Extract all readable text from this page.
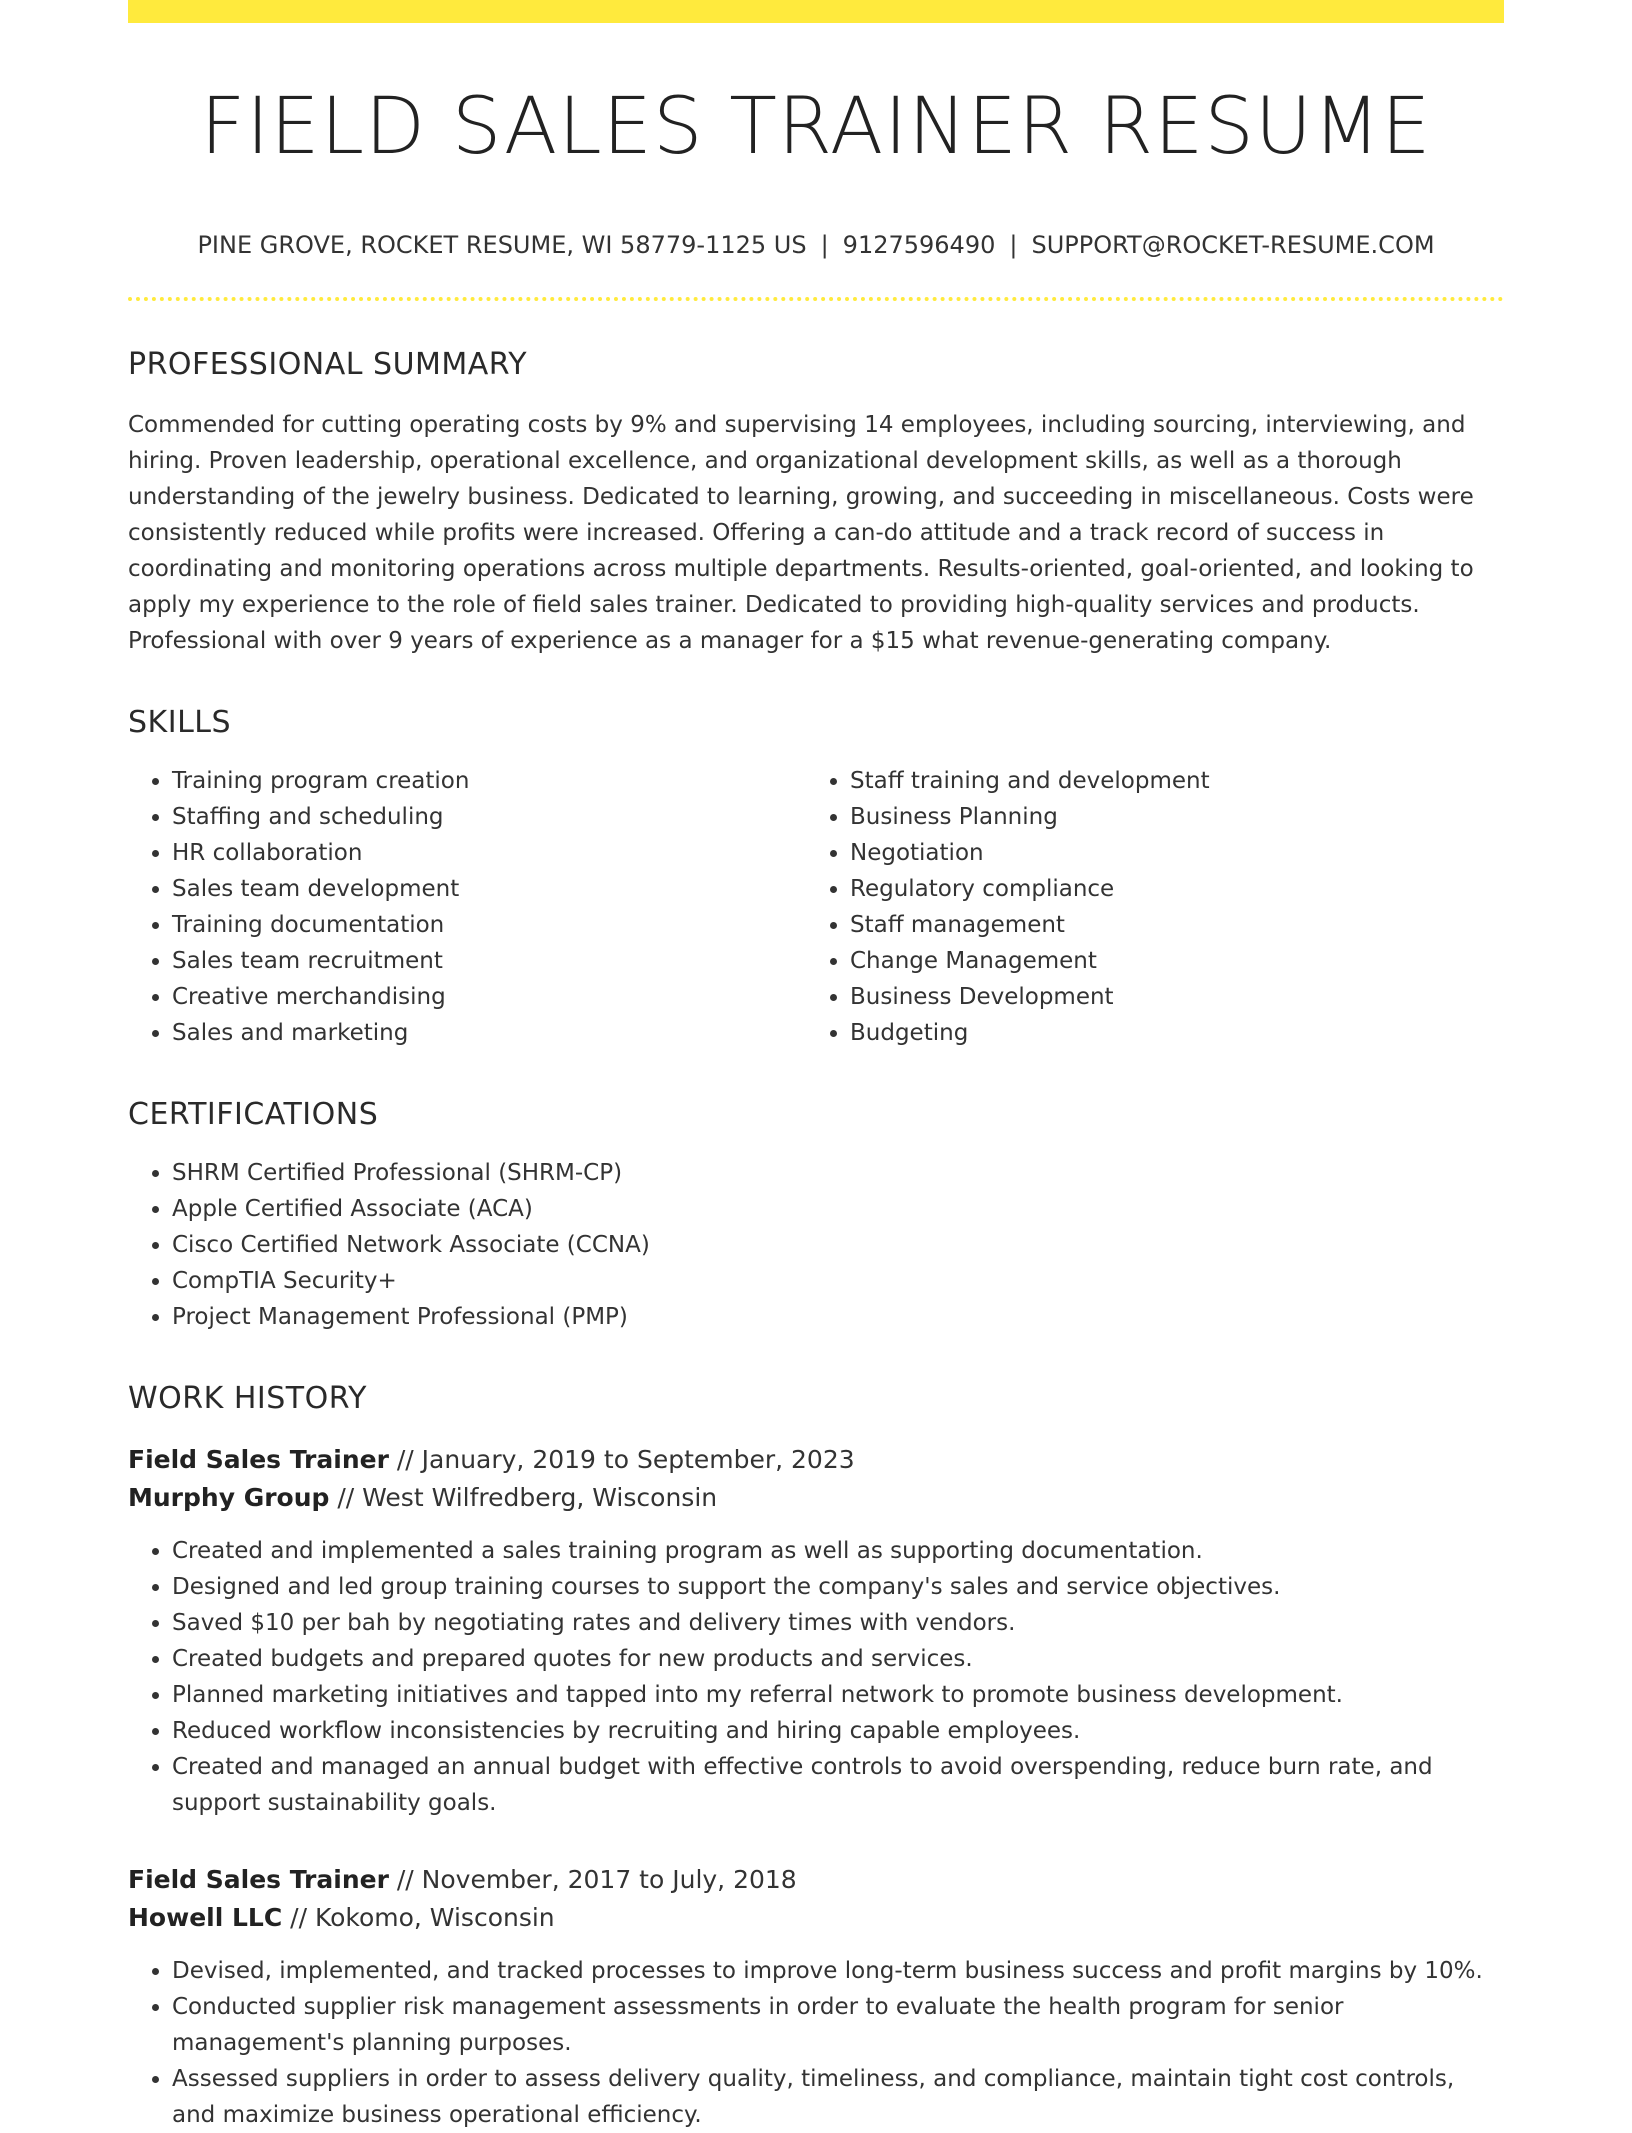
FIELD SALES TRAINER RESUME
PINE GROVE, ROCKET RESUME, WI 58779-1125 US | 9127596490 | SUPPORT@ROCKET-RESUME.COM
PROFESSIONAL SUMMARY

Commended for cutting operating costs by 9% and supervising 14 employees, including sourcing, interviewing, and hiring. Proven leadership, operational excellence, and organizational development skills, as well as a thorough understanding of the jewelry business. Dedicated to learning, growing, and succeeding in miscellaneous. Costs were consistently reduced while profits were increased. Offering a can-do attitude and a track record of success in coordinating and monitoring operations across multiple departments. Results-oriented, goal-oriented, and looking to apply my experience to the role of field sales trainer. Dedicated to providing high-quality services and products. Professional with over 9 years of experience as a manager for a $15 what revenue-generating company.

SKILLS
• Training program creation
• Staffing and scheduling
• HR collaboration
• Sales team development
• Training documentation
• Sales team recruitment
• Creative merchandising
• Sales and marketing
• Staff training and development
• Business Planning
• Negotiation
• Regulatory compliance
• Staff management
• Change Management
• Business Development
• Budgeting
CERTIFICATIONS
• SHRM Certified Professional (SHRM-CP)
• Apple Certified Associate (ACA)
• Cisco Certified Network Associate (CCNA)
• CompTIA Security+
• Project Management Professional (PMP)
WORK HISTORY
Field Sales Trainer // January, 2019 to September, 2023
Murphy Group // West Wilfredberg, Wisconsin
• Created and implemented a sales training program as well as supporting documentation.
• Designed and led group training courses to support the company's sales and service objectives.
• Saved $10 per bah by negotiating rates and delivery times with vendors.
• Created budgets and prepared quotes for new products and services.
• Planned marketing initiatives and tapped into my referral network to promote business development.
• Reduced workflow inconsistencies by recruiting and hiring capable employees.
• Created and managed an annual budget with effective controls to avoid overspending, reduce burn rate, and support sustainability goals.
Field Sales Trainer // November, 2017 to July, 2018
Howell LLC // Kokomo, Wisconsin
• Devised, implemented, and tracked processes to improve long-term business success and profit margins by 10%.
• Conducted supplier risk management assessments in order to evaluate the health program for senior management's planning purposes.
• Assessed suppliers in order to assess delivery quality, timeliness, and compliance, maintain tight cost controls, and maximize business operational efficiency.
